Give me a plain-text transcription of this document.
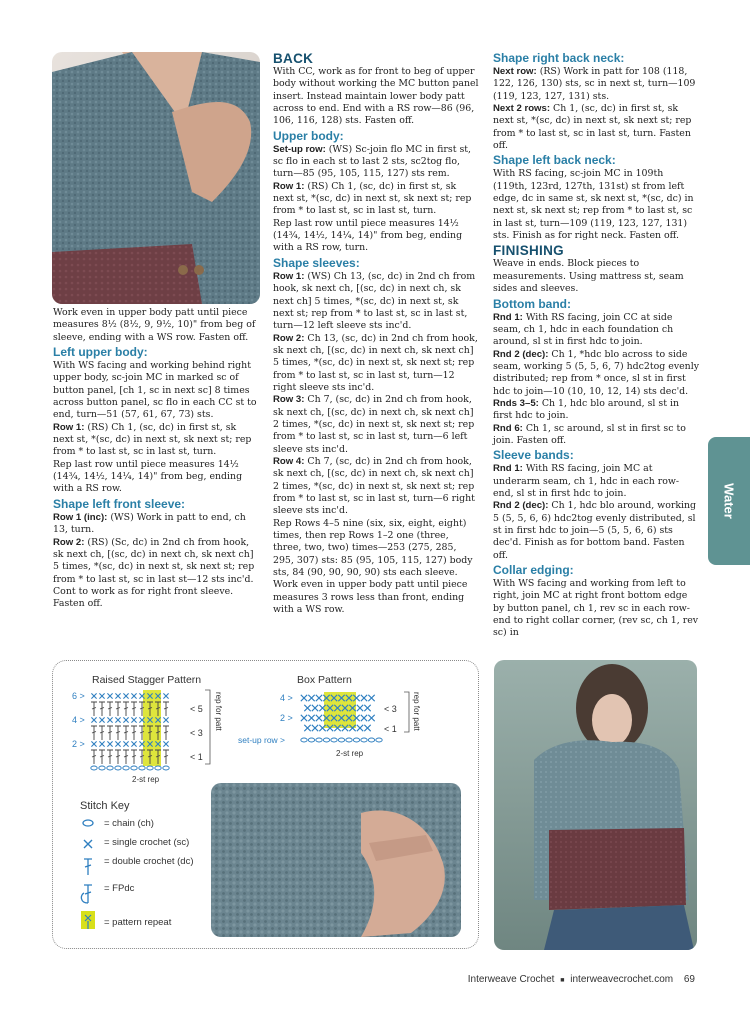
Work even in upper body patt until piece measures 8½ (8½, 9, 9½, 10)" from beg of sleeve, ending with a WS row. Fasten off.

Left upper body:

With WS facing and working behind right upper body, sc-join MC in marked sc of button panel, [ch 1, sc in next sc] 8 times across button panel, sc flo in each CC st to end, turn—51 (57, 61, 67, 73) sts.

Row 1: (RS) Ch 1, (sc, dc) in first st, sk next st, *(sc, dc) in next st, sk next st; rep from * to last st, sc in last st, turn.

Rep last row until piece measures 14½ (14¾, 14½, 14¼, 14)" from beg, ending with a RS row.

Shape left front sleeve:

Row 1 (inc): (WS) Work in patt to end, ch 13, turn.

Row 2: (RS) (Sc, dc) in 2nd ch from hook, sk next ch, [(sc, dc) in next ch, sk next ch] 5 times, *(sc, dc) in next st, sk next st; rep from * to last st, sc in last st—12 sts inc'd.

Cont to work as for right front sleeve. Fasten off.

BACK

With CC, work as for front to beg of upper body without working the MC button panel insert. Instead maintain lower body patt across to end. End with a RS row—86 (96, 106, 116, 128) sts. Fasten off.

Upper body:

Set-up row: (WS) Sc-join flo MC in first st, sc flo in each st to last 2 sts, sc2tog flo, turn—85 (95, 105, 115, 127) sts rem.

Row 1: (RS) Ch 1, (sc, dc) in first st, sk next st, *(sc, dc) in next st, sk next st; rep from * to last st, sc in last st, turn.

Rep last row until piece measures 14½ (14¾, 14½, 14¼, 14)" from beg, ending with a RS row, turn.

Shape sleeves:

Row 1: (WS) Ch 13, (sc, dc) in 2nd ch from hook, sk next ch, [(sc, dc) in next ch, sk next ch] 5 times, *(sc, dc) in next st, sk next st; rep from * to last st, sc in last st, turn—12 left sleeve sts inc'd.

Row 2: Ch 13, (sc, dc) in 2nd ch from hook, sk next ch, [(sc, dc) in next ch, sk next ch] 5 times, *(sc, dc) in next st, sk next st; rep from * to last st, sc in last st, turn—12 right sleeve sts inc'd.

Row 3: Ch 7, (sc, dc) in 2nd ch from hook, sk next ch, [(sc, dc) in next ch, sk next ch] 2 times, *(sc, dc) in next st, sk next st; rep from * to last st, sc in last st, turn—6 left sleeve sts inc'd.

Row 4: Ch 7, (sc, dc) in 2nd ch from hook, sk next ch, [(sc, dc) in next ch, sk next ch] 2 times, *(sc, dc) in next st, sk next st; rep from * to last st, sc in last st, turn—6 right sleeve sts inc'd.

Rep Rows 4–5 nine (six, six, eight, eight) times, then rep Rows 1–2 one (three, three, two, two) times—253 (275, 285, 295, 307) sts: 85 (95, 105, 115, 127) body sts, 84 (90, 90, 90, 90) sts each sleeve.

Work even in upper body patt until piece measures 3 rows less than front, ending with a WS row.

Shape right back neck:

Next row: (RS) Work in patt for 108 (118, 122, 126, 130) sts, sc in next st, turn—109 (119, 123, 127, 131) sts.

Next 2 rows: Ch 1, (sc, dc) in first st, sk next st, *(sc, dc) in next st, sk next st; rep from * to last st, sc in last st, turn. Fasten off.

Shape left back neck:

With RS facing, sc-join MC in 109th (119th, 123rd, 127th, 131st) st from left edge, dc in same st, sk next st, *(sc, dc) in next st, sk next st; rep from * to last st, sc in last st, turn—109 (119, 123, 127, 131) sts. Finish as for right neck. Fasten off.

FINISHING

Weave in ends. Block pieces to measurements. Using mattress st, seam sides and sleeves.

Bottom band:

Rnd 1: With RS facing, join CC at side seam, ch 1, hdc in each foundation ch around, sl st in first hdc to join.

Rnd 2 (dec): Ch 1, *hdc blo across to side seam, working 5 (5, 5, 6, 7) hdc2tog evenly distributed; rep from * once, sl st in first hdc to join—10 (10, 10, 12, 14) sts dec'd.

Rnds 3–5: Ch 1, hdc blo around, sl st in first hdc to join.

Rnd 6: Ch 1, sc around, sl st in first sc to join. Fasten off.

Sleeve bands:

Rnd 1: With RS facing, join MC at underarm seam, ch 1, hdc in each row-end, sl st in first hdc to join.

Rnd 2 (dec): Ch 1, hdc blo around, working 5 (5, 5, 6, 6) hdc2tog evenly distributed, sl st in first hdc to join—5 (5, 5, 6, 6) sts dec'd. Finish as for bottom band. Fasten off.

Collar edging:

With WS facing and working from left to right, join MC at right front bottom edge by button panel, ch 1, rev sc in each row-end to right collar corner, (rev sc, ch 1, rev sc) in

Water
Raised Stagger Pattern	Box Pattern
6 >
< 5
4 >
< 3
2 >
< 1
rep for patt
2-st rep
4 >
< 3
2 >
< 1
set-up row >
rep for patt
2-st rep
Stitch Key
= chain (ch)
= single crochet (sc)
= double crochet (dc)
= FPdc
= pattern repeat
Interweave Crochet ■ interweavecrochet.com 69
